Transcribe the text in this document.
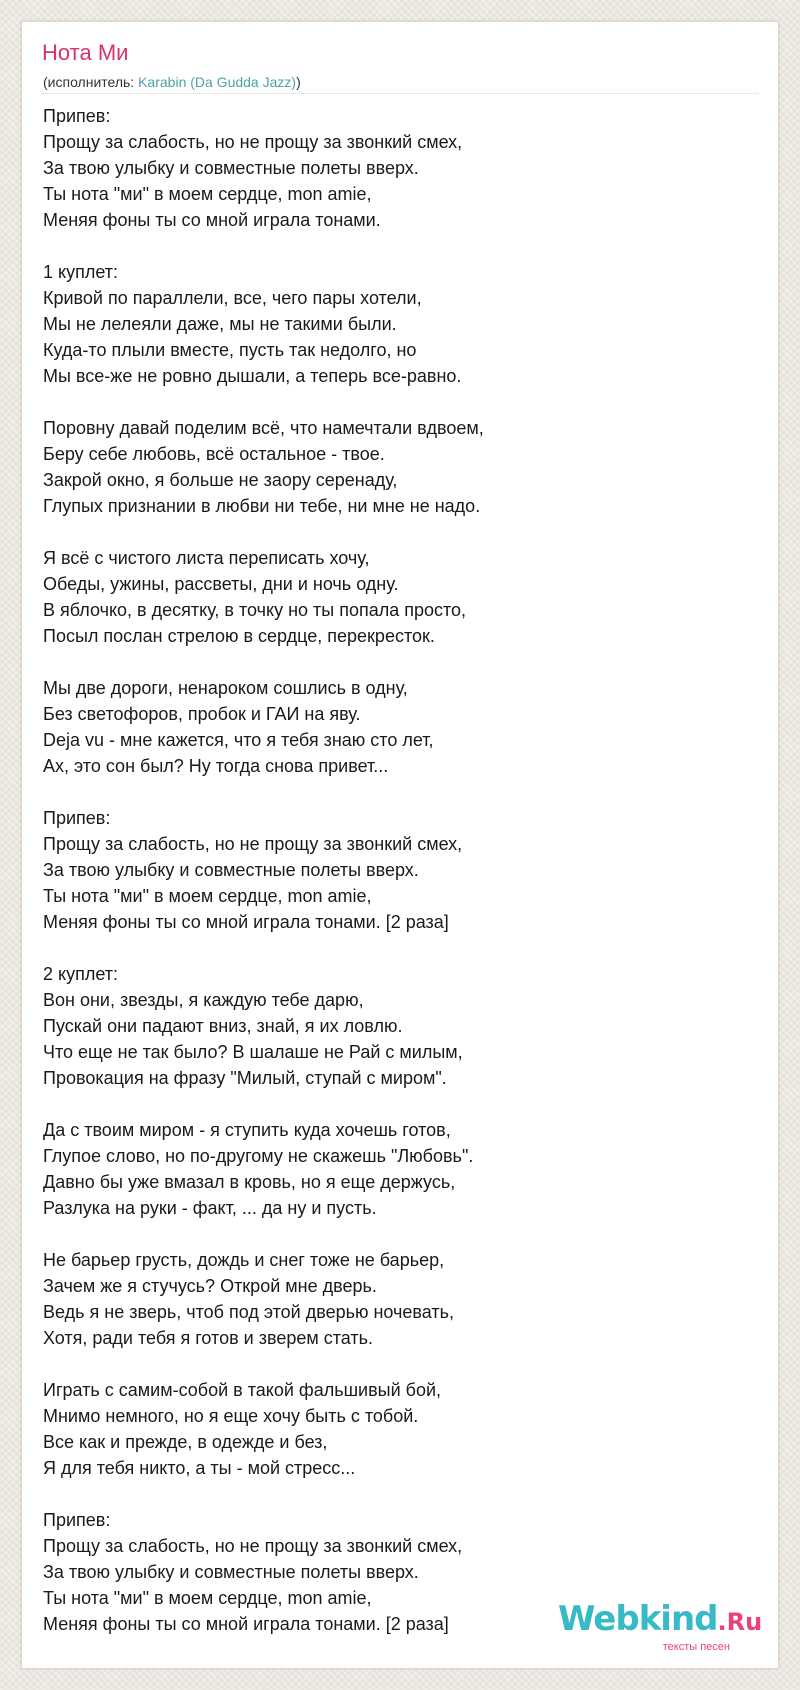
Нота Ми
(исполнитель: Karabin (Da Gudda Jazz))
Припев:
Прощу за слабость, но не прощу за звонкий смех,
За твою улыбку и совместные полеты вверх.
Ты нота "ми" в моем сердце, mon amie,
Меняя фоны ты со мной играла тонами.
1 куплет:
Кривой по параллели, все, чего пары хотели,
Мы не лелеяли даже, мы не такими были.
Куда-то плыли вместе, пусть так недолго, но
Мы все-же не ровно дышали, а теперь все-равно.
Поровну давай поделим всё, что намечтали вдвоем,
Беру себе любовь, всё остальное - твое.
Закрой окно, я больше не заору серенаду,
Глупых признании в любви ни тебе, ни мне не надо.
Я всё с чистого листа переписать хочу,
Обеды, ужины, рассветы, дни и ночь одну.
В яблочко, в десятку, в точку но ты попала просто,
Посыл послан стрелою в сердце, перекресток.
Мы две дороги, ненароком сошлись в одну,
Без светофоров, пробок и ГАИ на яву.
Deja vu - мне кажется, что я тебя знаю сто лет,
Ах, это сон был? Ну тогда снова привет...
Припев:
Прощу за слабость, но не прощу за звонкий смех,
За твою улыбку и совместные полеты вверх.
Ты нота "ми" в моем сердце, mon amie,
Меняя фоны ты со мной играла тонами. [2 раза]
2 куплет:
Вон они, звезды, я каждую тебе дарю,
Пускай они падают вниз, знай, я их ловлю.
Что еще не так было? В шалаше не Рай с милым,
Провокация на фразу "Милый, ступай с миром".
Да с твоим миром - я ступить куда хочешь готов,
Глупое слово, но по-другому не скажешь "Любовь".
Давно бы уже вмазал в кровь, но я еще держусь,
Разлука на руки - факт, ... да ну и пусть.
Не барьер грусть, дождь и снег тоже не барьер,
Зачем же я стучусь? Открой мне дверь.
Ведь я не зверь, чтоб под этой дверью ночевать,
Хотя, ради тебя я готов и зверем стать.
Играть с самим-собой в такой фальшивый бой,
Мнимо немного, но я еще хочу быть с тобой.
Все как и прежде, в одежде и без,
Я для тебя никто, а ты - мой стресс...
Припев:
Прощу за слабость, но не прощу за звонкий смех,
За твою улыбку и совместные полеты вверх.
Ты нота "ми" в моем сердце, mon amie,
Меняя фоны ты со мной играла тонами. [2 раза]	Webkind.Ru
тексты песен
